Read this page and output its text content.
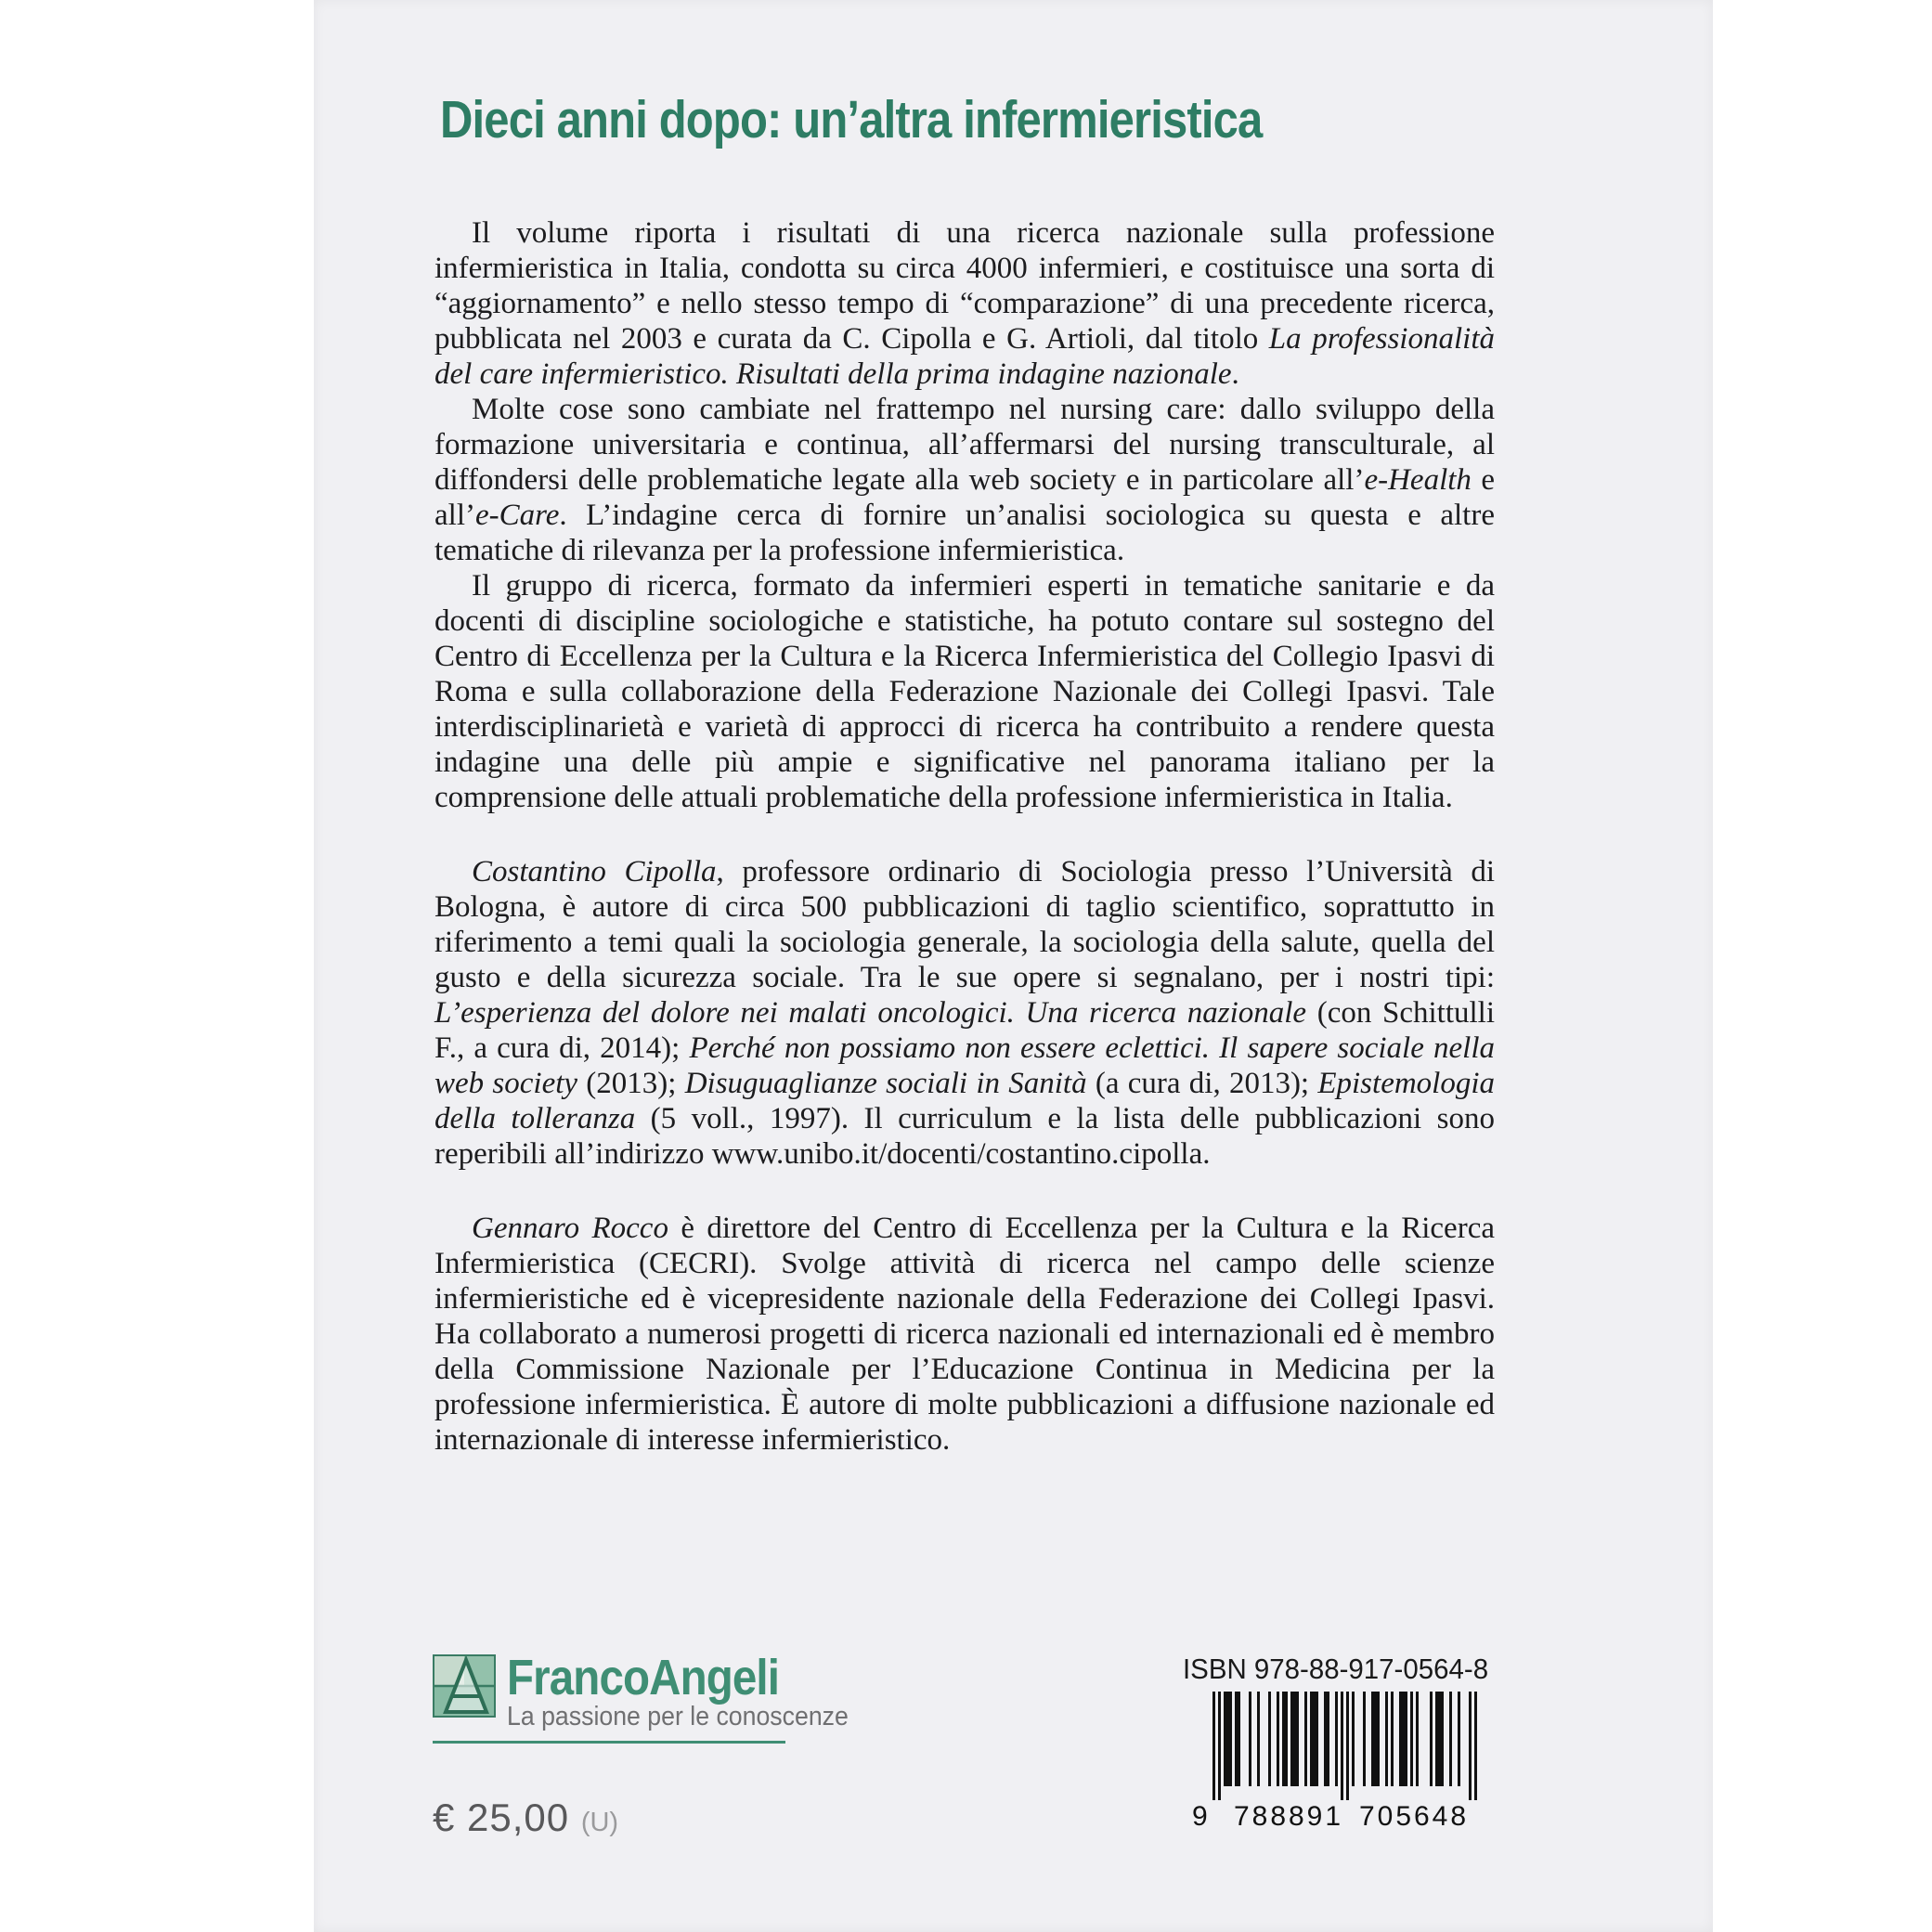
Dieci anni dopo: un’altra infermieristica

Il volume riporta i risultati di una ricerca nazionale sulla professione infermieristica in Italia, condotta su circa 4000 infermieri, e costituisce una sorta di “aggiornamento” e nello stesso tempo di “comparazione” di una precedente ricerca, pubblicata nel 2003 e curata da C. Cipolla e G. Artioli, dal titolo La professionalità del care infermieristico. Risultati della prima indagine nazionale.

Molte cose sono cambiate nel frattempo nel nursing care: dallo sviluppo della formazione universitaria e continua, all’affermarsi del nursing transculturale, al diffondersi delle problematiche legate alla web society e in particolare all’e-Health e all’e-Care. L’indagine cerca di fornire un’analisi sociologica su questa e altre tematiche di rilevanza per la professione infermieristica.

Il gruppo di ricerca, formato da infermieri esperti in tematiche sanitarie e da docenti di discipline sociologiche e statistiche, ha potuto contare sul sostegno del Centro di Eccellenza per la Cultura e la Ricerca Infermieristica del Collegio Ipasvi di Roma e sulla collaborazione della Federazione Nazionale dei Collegi Ipasvi. Tale interdisciplinarietà e varietà di approcci di ricerca ha contribuito a rendere questa indagine una delle più ampie e significative nel panorama italiano per la comprensione delle attuali problematiche della professione infermieristica in Italia.

Costantino Cipolla, professore ordinario di Sociologia presso l’Università di Bologna, è autore di circa 500 pubblicazioni di taglio scientifico, soprattutto in riferimento a temi quali la sociologia generale, la sociologia della salute, quella del gusto e della sicurezza sociale. Tra le sue opere si segnalano, per i nostri tipi: L’esperienza del dolore nei malati oncologici. Una ricerca nazionale (con Schittulli F., a cura di, 2014); Perché non possiamo non essere eclettici. Il sapere sociale nella web society (2013); Disuguaglianze sociali in Sanità (a cura di, 2013); Epistemologia della tolleranza (5 voll., 1997). Il curriculum e la lista delle pubblicazioni sono reperibili all’indirizzo www.unibo.it/docenti/costantino.cipolla.

Gennaro Rocco è direttore del Centro di Eccellenza per la Cultura e la Ricerca Infermieristica (CECRI). Svolge attività di ricerca nel campo delle scienze infermieristiche ed è vicepresidente nazionale della Federazione dei Collegi Ipasvi. Ha collaborato a numerosi progetti di ricerca nazionali ed internazionali ed è membro della Commissione Nazionale per l’Educazione Continua in Medicina per la professione infermieristica. È autore di molte pubblicazioni a diffusione nazionale ed internazionale di interesse infermieristico.

FrancoAngeli
La passione per le conoscenze
€ 25,00 (U)
ISBN 978-88-917-0564-8
9 788891 705648
